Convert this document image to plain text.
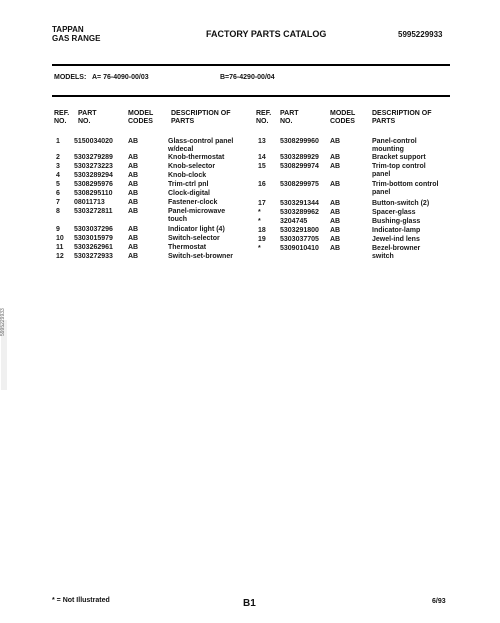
5995229933
TAPPAN
GAS RANGE	FACTORY PARTS CATALOG	5995229933
MODELS: A= 76-4090-00/03	B=76-4290-00/04
REF. NO.
PART NO.
MODEL CODES
DESCRIPTION OF PARTS
REF. NO.
PART NO.
MODEL CODES
DESCRIPTION OF PARTS
1 5150034020 AB	Glass-control panel w/decal
2 5303279289 AB	Knob-thermostat
3 5303273223 AB	Knob-selector
4 5303289294 AB	Knob-clock
5 5308295976 AB	Trim-ctrl pnl
6 5308295110 AB	Clock-digital
7 08011713	AB	Fastener-clock
8 5303272811 AB	Panel-microwave touch
9 5303037296 AB	Indicator light (4)
10 5303015979 AB	Switch-selector
11 5303262961 AB	Thermostat
12 5303272933 AB	Switch-set-browner
13 5308299960 AB	Panel-control mounting
14 5303289929 AB	Bracket support
15 5308299974 AB	Trim-top control panel
16 5308299975 AB	Trim-bottom control panel
17 5303291344 AB	Button-switch (2)
*	5303289962 AB	Spacer-glass
*	3204745	AB	Bushing-glass
18 5303291800 AB	Indicator-lamp
19 5303037705 AB	Jewel-ind lens
*	5309010410 AB	Bezel-browner switch
* = Not Illustrated	B1	6/93
